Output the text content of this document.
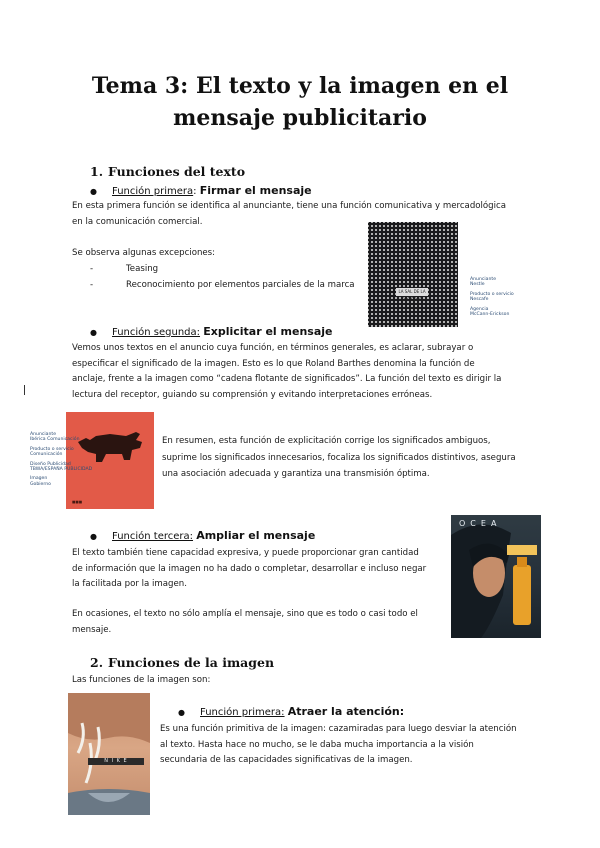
Tema 3: El texto y la imagen en el
mensaje publicitario
1. Funciones del texto
● Función primera: Firmar el mensaje
En esta primera función se identifica al anunciante, tiene una función comunicativa y mercadológica
en la comunicación comercial.
Se observa algunas excepciones:
-	Teasing
-	Reconocimiento por elementos parciales de la marca
LA SAL DE LA SOCIEDAD
Anunciante
Nestle
Producto o servicio
Nescafe
Agencia
McCann-Erickson
● Función segunda: Explicitar el mensaje
Vemos unos textos en el anuncio cuya función, en términos generales, es aclarar, subrayar o
especificar el significado de la imagen. Esto es lo que Roland Barthes denomina la función de
anclaje, frente a la imagen como “cadena flotante de significados”. La función del texto es dirigir la
lectura del receptor, guiando su comprensión y evitando interpretaciones erróneas.
■■■
Anunciante
Ibérica Comunicación
Producto o servicio
Comunicación
Diseño Publicidad
TBWA/ESPAÑA PUBLICIDAD
Imagen
Gobierno
En resumen, esta función de explicitación corrige los significados ambiguos,
suprime los significados innecesarios, focaliza los significados distintivos, asegura
una asociación adecuada y garantiza una transmisión óptima.
● Función tercera: Ampliar el mensaje
El texto también tiene capacidad expresiva, y puede proporcionar gran cantidad
de información que la imagen no ha dado o completar, desarrollar e incluso negar
la facilitada por la imagen.
En ocasiones, el texto no sólo amplía el mensaje, sino que es todo o casi todo el
mensaje.
OCEA
2. Funciones de la imagen
Las funciones de la imagen son:
N I K E
● Función primera: Atraer la atención:
Es una función primitiva de la imagen: cazamiradas para luego desviar la atención
al texto. Hasta hace no mucho, se le daba mucha importancia a la visión
secundaria de las capacidades significativas de la imagen.
